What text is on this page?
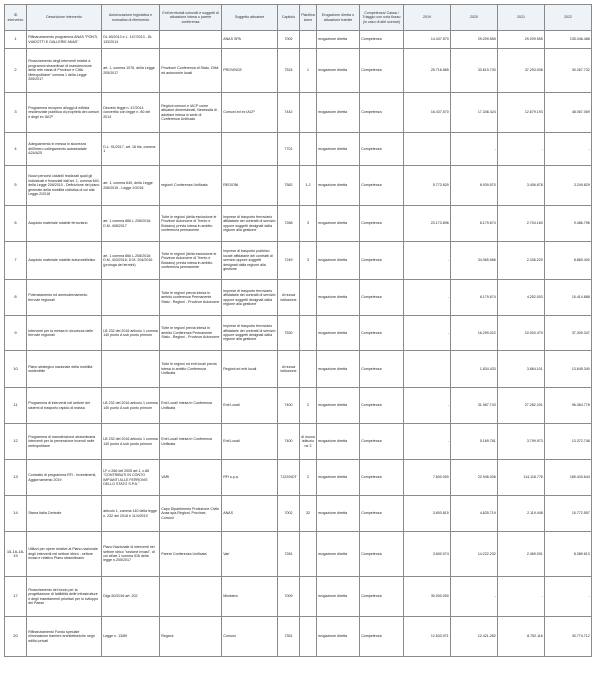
ID intervento	Descrizione intervento	Autorizzazione legislativa e normativa di riferimento	Enti territoriali coinvolti e soggetti di attuazione intesa o parere conferenza	Soggetto attuatore	Capitolo	Pianificazione	Erogazione diretta o attuazione tramite	Competenza/ Cassa / Triaggio con nota flusso (in caso di altri scenari)	2019	2020	2021	2022
1	Rifinanziamento programma ANAS "PONTI, VIADOTTI E GALLERIE ANAS"	DL 69/2013 e L. 147/2013 - DL 133/2014		ANAS SPA	7002		erogazione diretta	Competenza	14.437.570	29.209.555	29.209.555	135.346.488
2	Finanziamento degli interventi relativi a programmi straordinari di manutenzione della rete viaria di Province e Città Metropolitane" comma 1 della Legge 205/2017	art. 1, comma 1076, della Legge 205/2017	Province/ Conferenza di Stato, Città ed autonomie locali	PROVINCE	7524	1	erogazione diretta	Competenza	25.716.865	33.619.730	37.293.008	30.267.732
3	Programma recupero alloggi di edilizia residenziale pubblica di proprietà dei comuni e degli ex IACP	Decreto legge n. 47/2014 convertito con legge n. 80 del 2014	Regioni comuni e IACP come attuatori dimensionali, Necessità di adottare intesa in sede di Conferenza Unificata	Comuni ed ex IACP	7442		erogazione diretta	Competenza	16.437.570	17.346.424	12.679.193	48.067.069
4	Adeguamento in messa in sicurezza dell'intero collegamento autostradale A24/A25	D.L. 91/2017, art. 16 bis, comma 1			7701		erogazione diretta	Competenza		-	-	-
5	Nuovi percorsi ciclabili realizzati quali gli individuati e finanziati dall'art. 1, comma 640, della Legge 208/2015 - Definizione del piano generale della mobilità ciclistica di cui alla Legge 2/2018	art. 1, comma 640, della Legge 208/2015 - Legge 2/2018	regioni/ Conferenza Unificata	REGIONI	7582	1-2	erogazione diretta	Competenza	5.773.829	6.939.570	3.406.678	3.249.829
6	Acquisto materiale rotabile ferroviario	art. 1 comma 866 L.208/2016; D.M. 408/2017	Tutte le regioni (della esclusione le Province Autonome di Trento e Bolzano) previa intesa in ambito conferenza permanente	Imprese di trasporto ferroviario affidatarie dei contratti di servizio oppure soggetti designati dalla regione alla gestione	7268	3	erogazione diretta	Competenza	23.173.896	6.179.674	2.704.160	9.486.796
7	Acquisto materiale rotabile automobilistico	art. 1 comma 866 L.208/2016; D.M. 403/2016; D.M. 204/2016 (proroga dei termini)	Tutte le regioni (della esclusione le Province Autonome di Trento e Bolzano) previa intesa in ambito conferenza permanente	Imprese di trasporto pubblico locale affidatarie dei contratti di servizio oppure soggetti designati dalla regione alla gestione	7249	3	erogazione diretta	Competenza	-	34.065.566	2.336.229	8.880.400
8	Potenziamento ed ammodernamento ferrovie regionali		Tutte le regioni previa intesa in ambito conferenza Permanente Stato - Regioni - Province Autonome	Imprese di trasporto ferroviario affidatarie dei contratti di servizio oppure soggetti designati dalla regione alla gestione	di nuova istituzione		erogazione diretta	Competenza	-	6.179.674	4.252.003	15.414.888
9	Interventi per la messa in sicurezza delle ferrovie regionali	LB 232 del 2016 articolo 1 comma 140 punto A sub punto primum	Tutte le regioni previa intesa in ambito Conferenza Permanente Stato - Regioni - Province Autonome	Imprese di trasporto ferroviario affidatarie dei contratti di servizio oppure soggetti designati dalla regione alla gestione	7530		erogazione diretta	Competenza	-	16.299.022	10.003.479	37.309.347
10	Piano strategico nazionale della mobilità sostenibile		Tutte le regioni ed enti locali previa intesa in ambito Conferenza Unificata	Regioni ed enti locali	di nuova istituzione		erogazione diretta	Competenza		1.834.433	3.864.101	13.645.340
11	Programma di interventi nel settore dei sistemi di trasporto rapido di massa	LB 232 del 2016 articolo 1 comma 140 punto A sub punto primum	Enti Locali Intesa in Conferenza Unificata	Enti Locali	7400	2	erogazione diretta	Competenza	-	31.987.743	27.282.201	96.364.778
12	Programma di manutenzione straordinaria interventi per la prevenzione incendi nelle metropolitane	LB 232 del 2016 articolo 1 comma 140 punto A sub punto primum	Enti Locali Intesa in Conferenza Unificata	Enti Locali	7400	di nuova istituzione 2	erogazione diretta	Competenza	-	5.169.781	3.799.973	13.372.748
13	Contratto di programma RFI - Investimenti, Aggiornamento 2019	LF n.266 del 2005 art.1, c.86 "CONTRIBUTI IN CONTO IMPIANTI ALLE FERROVIE DELLO STATO S.P.A."	VARI	RFI s.p.a.	7122/NOT	2	erogazione diretta	Competenza	7.600.000	22.946.036	114.118.775	185.443.644
14	Sisma Italia Centrale	articolo 1, comma 140 della legge n. 232 del 2016 e 11/4/2019	Capo Dipartimento Protezione Civile Anas spa-Regioni, Province, Comuni	ANAS	7002	32	erogazione diretta	Competenza	3.600.815	4.625.719	2.119.448	15.772.557
15-16-18-19	Utilizzi per opere relative al Piano nazionale degli interventi nel settore idrico - settore invasi e relativo Piano straordinario	Piano Nazionale di interventi nel settore idrico "sezione invasi", di cui all'art.1 comma 516 della legge n.205/2017	Parere Conferenza Unificata	Vari	7281		erogazione diretta	Competenza	3.600.974	14.222.232	2.469.001	8.389.613
17	Finanziamento del fondo per la progettazione di fattibilità delle infrastrutture e degli insediamenti prioritari per lo sviluppo del Paese	Dlgs 50/2016 art. 202		Ministero	7009		erogazione diretta	Competenza	30.000.000	-	-	-
20	Rifinanziamento Fondo speciale eliminazione barriere architettoniche negli edifici privati	Legge n. 13/89	Regioni	Comuni	7351		erogazione diretta	Competenza	12.633.971	12.421.282	8.752.116	30.774.712
